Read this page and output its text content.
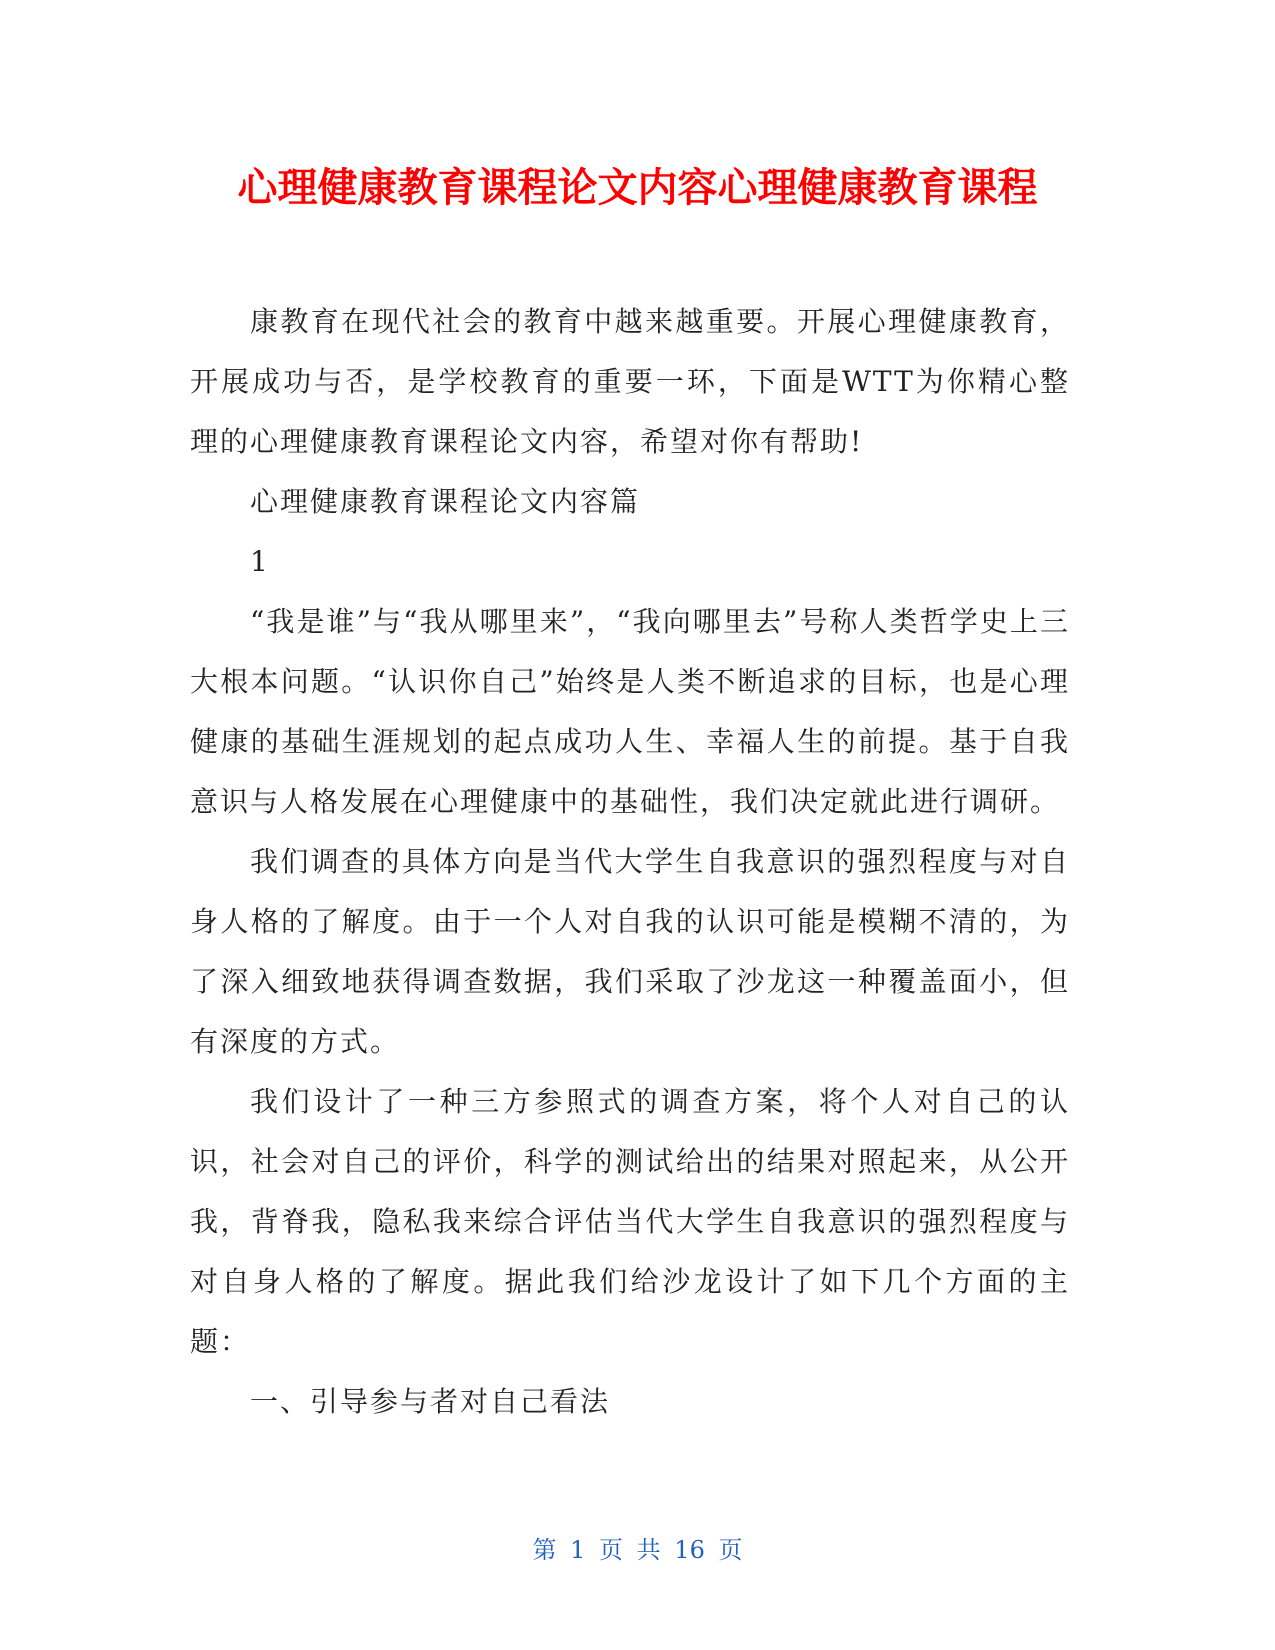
心理健康教育课程论文内容心理健康教育课程

康教育在现代社会的教育中越来越重要。开展心理健康教育，开展成功与否，是学校教育的重要一环，下面是WTT为你精心整理的心理健康教育课程论文内容，希望对你有帮助!

心理健康教育课程论文内容篇

1

“我是谁”与“我从哪里来”，“我向哪里去”号称人类哲学史上三大根本问题。“认识你自己”始终是人类不断追求的目标，也是心理健康的基础生涯规划的起点成功人生、幸福人生的前提。基于自我意识与人格发展在心理健康中的基础性，我们决定就此进行调研。

我们调查的具体方向是当代大学生自我意识的强烈程度与对自身人格的了解度。由于一个人对自我的认识可能是模糊不清的，为了深入细致地获得调查数据，我们采取了沙龙这一种覆盖面小，但有深度的方式。

我们设计了一种三方参照式的调查方案，将个人对自己的认识，社会对自己的评价，科学的测试给出的结果对照起来，从公开我，背脊我，隐私我来综合评估当代大学生自我意识的强烈程度与对自身人格的了解度。据此我们给沙龙设计了如下几个方面的主题：

一、引导参与者对自己看法

第 1 页 共 16 页
